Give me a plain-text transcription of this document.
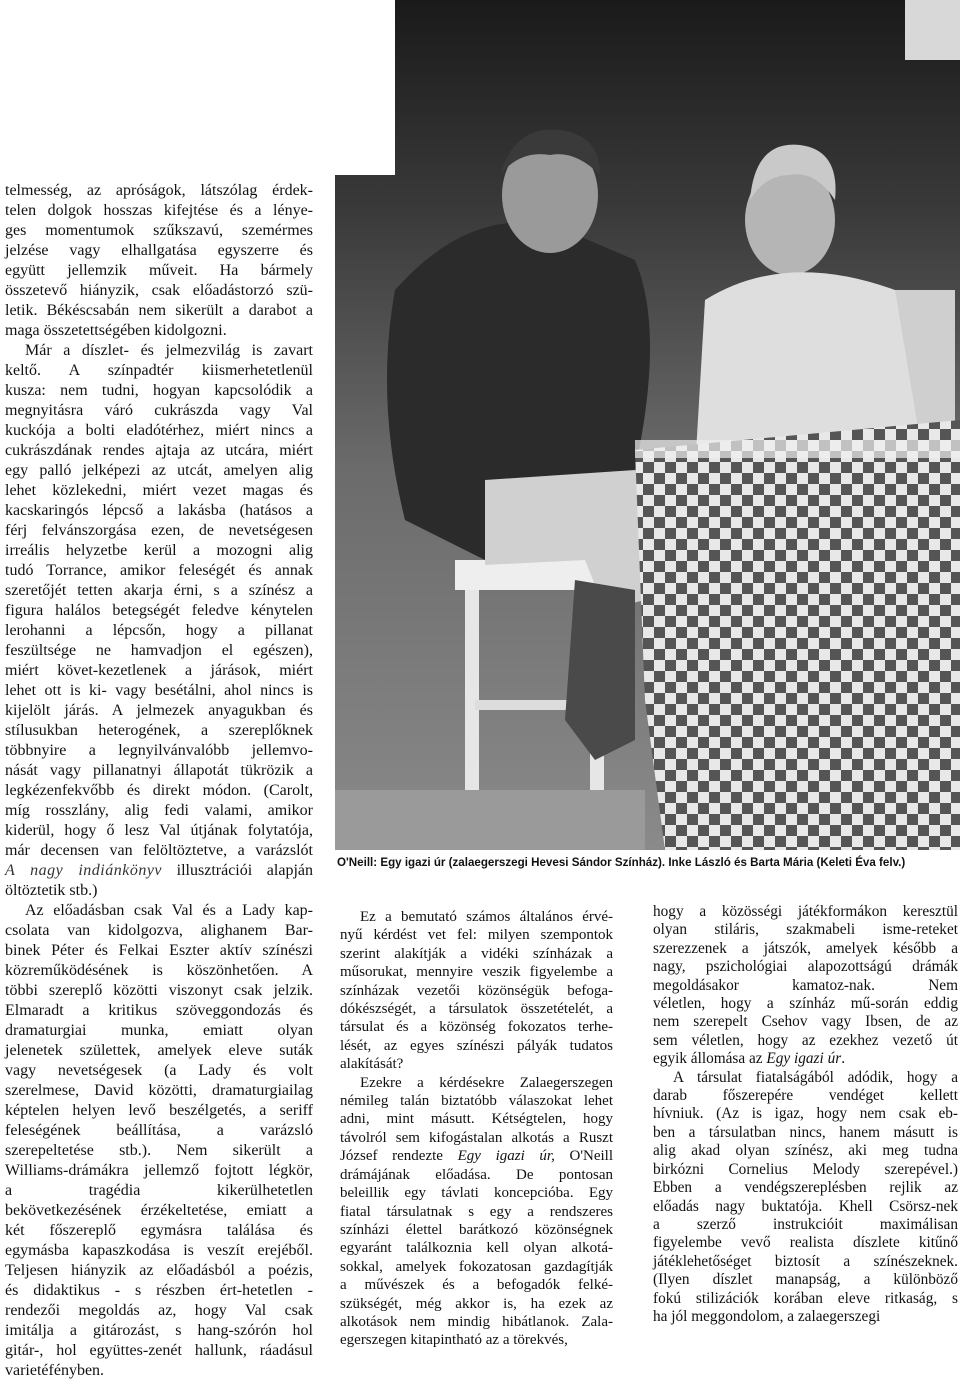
telmesség, az apróságok, látszólag érdek-
telen dolgok hosszas kifejtése és a lénye-
ges momentumok szűkszavú, szemérmes
jelzése vagy elhallgatása egyszerre és
együtt jellemzik műveit. Ha bármely
összetevő hiányzik, csak előadástorzó szü-
letik. Békéscsabán nem sikerült a darabot a
maga összetettségében kidolgozni.
Már a díszlet- és jelmezvilág is zavart
keltő. A színpadtér kiismerhetetlenül
kusza: nem tudni, hogyan kapcsolódik a
megnyitásra váró cukrászda vagy Val
kuckója a bolti eladótérhez, miért nincs a
cukrászdának rendes ajtaja az utcára, miért
egy palló jelképezi az utcát, amelyen alig
lehet közlekedni, miért vezet magas és
kacskaringós lépcső a lakásba (hatásos a
férj felvánszorgása ezen, de nevetségesen
irreális helyzetbe kerül a mozogni alig
tudó Torrance, amikor feleségét és annak
szeretőjét tetten akarja érni, s a színész a
figura halálos betegségét feledve kénytelen
lerohanni a lépcsőn, hogy a pillanat
feszültsége ne hamvadjon el egészen),
miért követ-kezetlenek a járások, miért
lehet ott is ki- vagy besétálni, ahol nincs is
kijelölt járás. A jelmezek anyagukban és
stílusukban heterogének, a szereplőknek
többnyire a legnyilvánvalóbb jellemvo-
nását vagy pillanatnyi állapotát tükrözik a
legkézenfekvőbb és direkt módon. (Carolt,
míg rosszlány, alig fedi valami, amikor
kiderül, hogy ő lesz Val útjának folytatója,
már decensen van felöltöztetve, a varázslót
A nagy indiánkönyv illusztrációi alapján
öltöztetik stb.)
Az előadásban csak Val és a Lady kap-
csolata van kidolgozva, alighanem Bar-
binek Péter és Felkai Eszter aktív színészi
közreműködésének is köszönhetően. A
többi szereplő közötti viszonyt csak jelzik.
Elmaradt a kritikus szöveggondozás és
dramaturgiai munka, emiatt olyan
jelenetek születtek, amelyek eleve suták
vagy nevetségesek (a Lady és volt
szerelmese, David közötti, dramaturgiailag
képtelen helyen levő beszélgetés, a seriff
feleségének beállítása, a varázsló
szerepeltetése stb.). Nem sikerült a
Williams-drámákra jellemző fojtott légkör,
a tragédia kikerülhetetlen
bekövetkezésének érzékeltetése, emiatt a
két főszereplő egymásra találása és
egymásba kapaszkodása is veszít erejéből.
Teljesen hiányzik az előadásból a poézis,
és didaktikus - s részben ért-hetetlen -
rendezői megoldás az, hogy Val csak
imitálja a gitározást, s hang-szórón hol
gitár-, hol együttes-zenét hallunk, ráadásul
varietéfényben.
O'Neill: Egy igazi úr (zalaegerszegi Hevesi Sándor Színház). Inke László és Barta Mária (Keleti Éva felv.)
Ez a bemutató számos általános érvé-
nyű kérdést vet fel: milyen szempontok
szerint alakítják a vidéki színházak a
műsorukat, mennyire veszik figyelembe a
színházak vezetői közönségük befoga-
dókészségét, a társulatok összetételét, a
társulat és a közönség fokozatos terhe-
lését, az egyes színészi pályák tudatos
alakítását?
Ezekre a kérdésekre Zalaegerszegen
némileg talán biztatóbb válaszokat lehet
adni, mint másutt. Kétségtelen, hogy
távolról sem kifogástalan alkotás a Ruszt
József rendezte Egy igazi úr, O'Neill
drámájának előadása. De pontosan
beleillik egy távlati koncepcióba. Egy
fiatal társulatnak s egy a rendszeres
színházi élettel barátkozó közönségnek
egyaránt találkoznia kell olyan alkotá-
sokkal, amelyek fokozatosan gazdagítják
a művészek és a befogadók felké-
szükségét, még akkor is, ha ezek az
alkotások nem mindig hibátlanok. Zala-
egerszegen kitapintható az a törekvés,
hogy a közösségi játékformákon keresztül
olyan stiláris, szakmabeli isme-reteket
szerezzenek a játszók, amelyek később a
nagy, pszichológiai alapozottságú drámák
megoldásakor kamatoz-nak. Nem
véletlen, hogy a színház mű-során eddig
nem szerepelt Csehov vagy Ibsen, de az
sem véletlen, hogy az ezekhez vezető út
egyik állomása az Egy igazi úr.
A társulat fiatalságából adódik, hogy a
darab főszerepére vendéget kellett
hívniuk. (Az is igaz, hogy nem csak eb-
ben a társulatban nincs, hanem másutt is
alig akad olyan színész, aki meg tudna
birkózni Cornelius Melody szerepével.)
Ebben a vendégszereplésben rejlik az
előadás nagy buktatója. Khell Csörsz-nek
a szerző instrukcióit maximálisan
figyelembe vevő realista díszlete kitűnő
játéklehetőséget biztosít a színészeknek.
(Ilyen díszlet manapság, a különböző
fokú stilizációk korában eleve ritkaság, s
ha jól meggondolom, a zalaegerszegi
